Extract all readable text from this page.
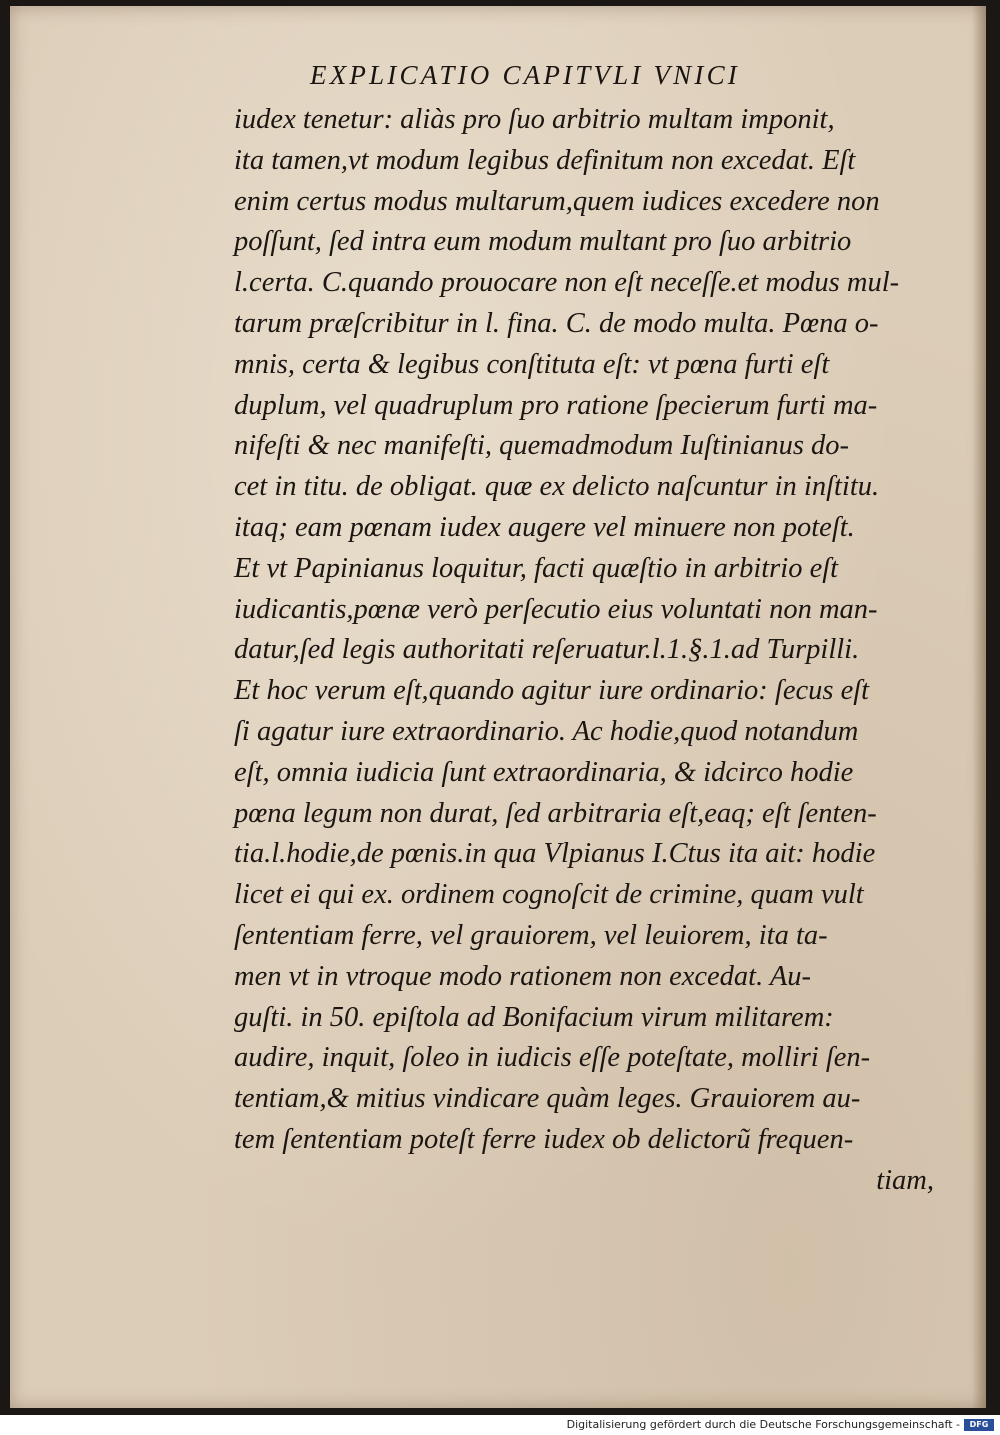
EXPLICATIO CAPITVLI VNICI
iudex tenetur: aliàs pro ſuo arbitrio multam imponit,
ita tamen,vt modum legibus definitum non excedat. Eſt
enim certus modus multarum,quem iudices excedere non
poſſunt, ſed intra eum modum multant pro ſuo arbitrio
l.certa. C.quando prouocare non eſt neceſſe.et modus mul-
tarum præſcribitur in l. fina. C. de modo multa. Pœna o-
mnis, certa & legibus conſtituta eſt: vt pœna furti eſt
duplum, vel quadruplum pro ratione ſpecierum furti ma-
nifeſti & nec manifeſti, quemadmodum Iuſtinianus do-
cet in titu. de obligat. quæ ex delicto naſcuntur in inſtitu.
itaq; eam pœnam iudex augere vel minuere non poteſt.
Et vt Papinianus loquitur, facti quæſtio in arbitrio eſt
iudicantis,pœnæ verò perſecutio eius voluntati non man-
datur,ſed legis authoritati reſeruatur.l.1.§.1.ad Turpilli.
Et hoc verum eſt,quando agitur iure ordinario: ſecus eſt
ſi agatur iure extraordinario. Ac hodie,quod notandum
eſt, omnia iudicia ſunt extraordinaria, & idcirco hodie
pœna legum non durat, ſed arbitraria eſt,eaq; eſt ſenten-
tia.l.hodie,de pœnis.in qua Vlpianus I.Ctus ita ait: hodie
licet ei qui ex. ordinem cognoſcit de crimine, quam vult
ſententiam ferre, vel grauiorem, vel leuiorem, ita ta-
men vt in vtroque modo rationem non excedat. Au-
guſti. in 50. epiſtola ad Bonifacium virum militarem:
audire, inquit, ſoleo in iudicis eſſe poteſtate, molliri ſen-
tentiam,& mitius vindicare quàm leges. Grauiorem au-
tem ſententiam poteſt ferre iudex ob delictorũ frequen-
tiam,
Digitalisierung gefördert durch die Deutsche Forschungsgemeinschaft -	DFG
